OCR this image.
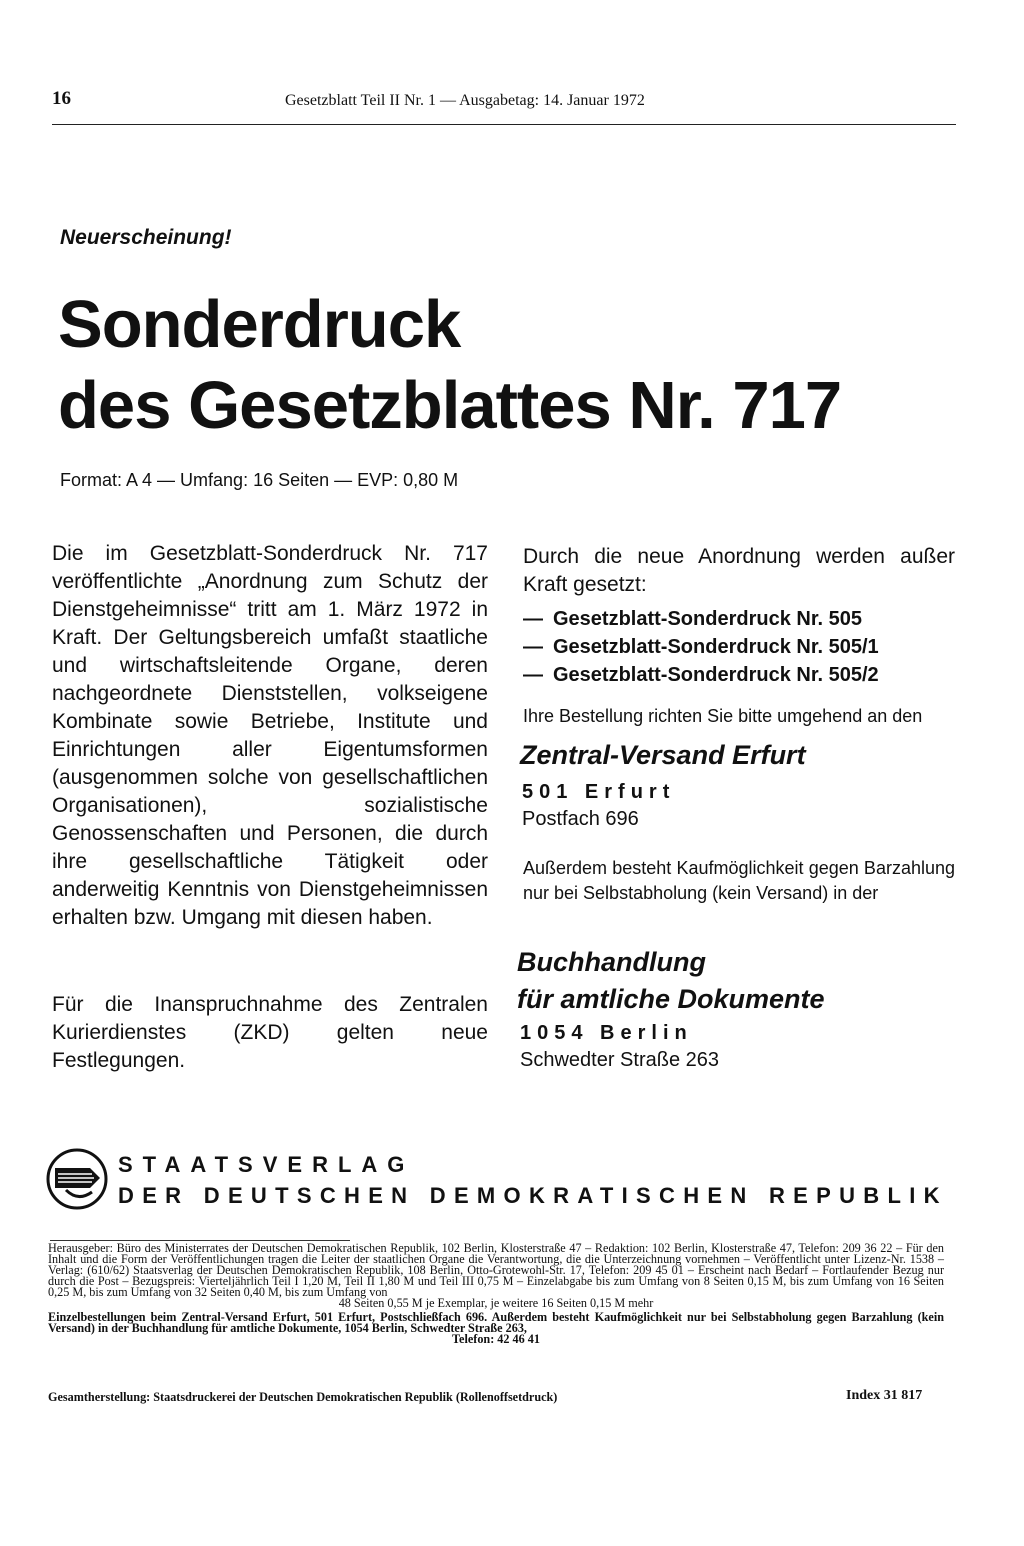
16	Gesetzblatt Teil II Nr. 1 — Ausgabetag: 14. Januar 1972
Neuerscheinung!
Sonderdruck
des Gesetzblattes Nr. 717
Format: A 4 — Umfang: 16 Seiten — EVP: 0,80 M
Die im Gesetzblatt-Sonderdruck Nr. 717 veröffentlichte „Anordnung zum Schutz der Dienstgeheimnisse“ tritt am 1. März 1972 in Kraft. Der Geltungsbereich umfaßt staatliche und wirtschaftsleitende Organe, deren nachgeordnete Dienststellen, volkseigene Kombinate sowie Betriebe, Institute und Einrichtungen aller Eigentumsformen (ausgenommen solche von gesellschaftlichen Organisationen), sozialistische Genossenschaften und Personen, die durch ihre gesellschaftliche Tätigkeit oder anderweitig Kenntnis von Dienstgeheimnissen erhalten bzw. Umgang mit diesen haben.
Für die Inanspruchnahme des Zentralen Kurierdienstes (ZKD) gelten neue Festlegungen.
Durch die neue Anordnung werden außer Kraft gesetzt:
— Gesetzblatt-Sonderdruck Nr. 505
— Gesetzblatt-Sonderdruck Nr. 505/1
— Gesetzblatt-Sonderdruck Nr. 505/2
Ihre Bestellung richten Sie bitte umgehend an den
Zentral-Versand Erfurt
501 Erfurt
Postfach 696
Außerdem besteht Kaufmöglichkeit gegen Barzahlung nur bei Selbstabholung (kein Versand) in der
Buchhandlung
für amtliche Dokumente
1054 Berlin
Schwedter Straße 263
STAATSVERLAG
DER DEUTSCHEN DEMOKRATISCHEN REPUBLIK

Herausgeber: Büro des Ministerrates der Deutschen Demokratischen Republik, 102 Berlin, Klosterstraße 47 – Redaktion: 102 Berlin, Klosterstraße 47, Telefon: 209 36 22 – Für den Inhalt und die Form der Veröffentlichungen tragen die Leiter der staatlichen Organe die Verantwortung, die die Unterzeichnung vornehmen – Veröffentlicht unter Lizenz-Nr. 1538 – Verlag: (610/62) Staatsverlag der Deutschen Demokratischen Republik, 108 Berlin, Otto-Grotewohl-Str. 17, Telefon: 209 45 01 – Erscheint nach Bedarf – Fortlaufender Bezug nur durch die Post – Bezugspreis: Vierteljährlich Teil I 1,20 M, Teil II 1,80 M und Teil III 0,75 M – Einzelabgabe bis zum Umfang von 8 Seiten 0,15 M, bis zum Umfang von 16 Seiten 0,25 M, bis zum Umfang von 32 Seiten 0,40 M, bis zum Umfang von

48 Seiten 0,55 M je Exemplar, je weitere 16 Seiten 0,15 M mehr

Einzelbestellungen beim Zentral-Versand Erfurt, 501 Erfurt, Postschließfach 696. Außerdem besteht Kaufmöglichkeit nur bei Selbstabholung gegen Barzahlung (kein Versand) in der Buchhandlung für amtliche Dokumente, 1054 Berlin, Schwedter Straße 263,

Telefon: 42 46 41

Gesamtherstellung: Staatsdruckerei der Deutschen Demokratischen Republik (Rollenoffsetdruck)	Index 31 817
